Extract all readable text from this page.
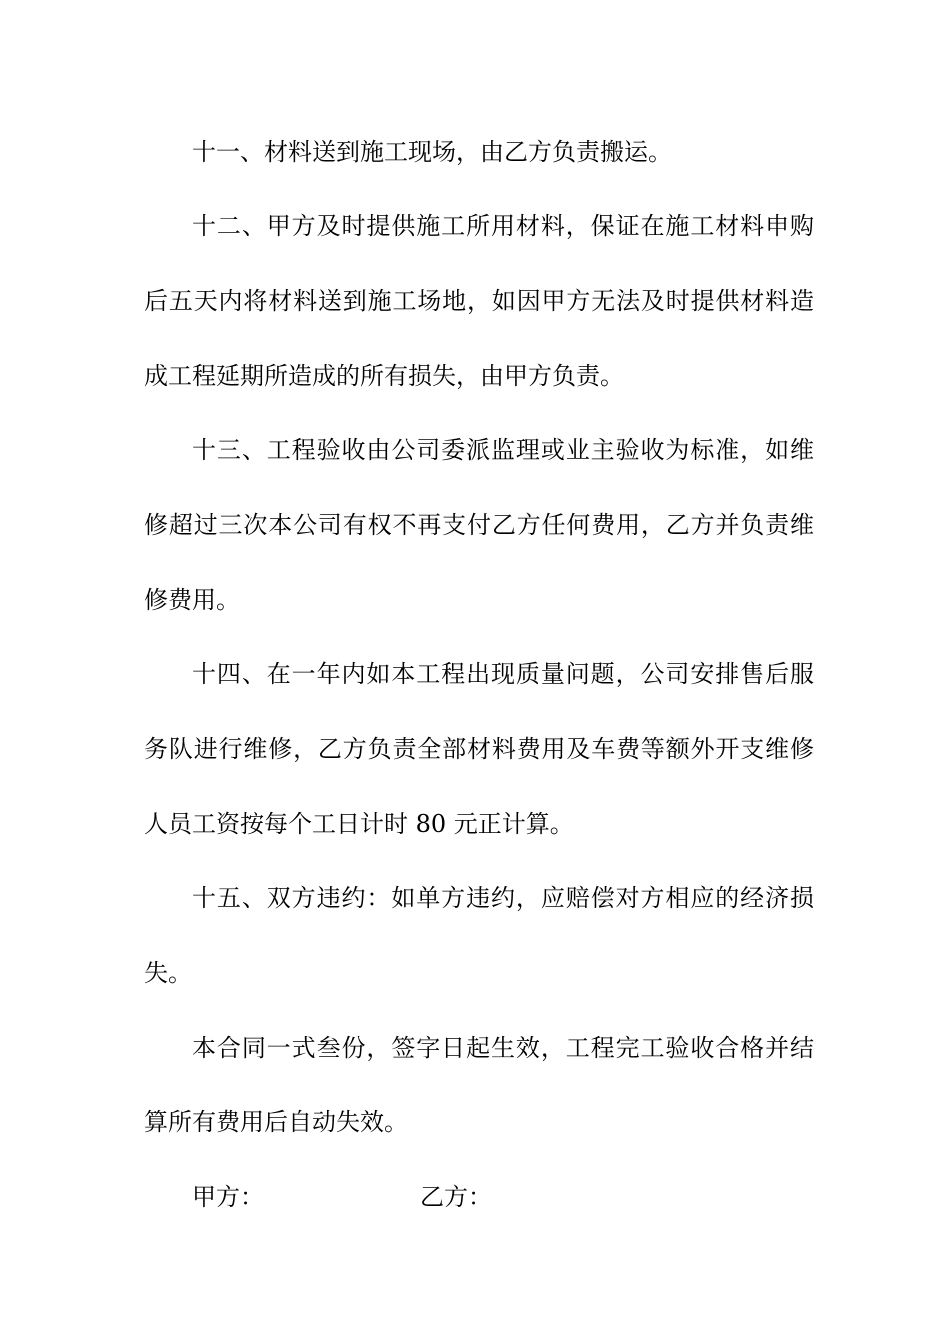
十一、材料送到施工现场，由乙方负责搬运。
十二、甲方及时提供施工所用材料，保证在施工材料申购
后五天内将材料送到施工场地，如因甲方无法及时提供材料造
成工程延期所造成的所有损失，由甲方负责。
十三、工程验收由公司委派监理或业主验收为标准，如维
修超过三次本公司有权不再支付乙方任何费用，乙方并负责维
修费用。
十四、在一年内如本工程出现质量问题，公司安排售后服
务队进行维修，乙方负责全部材料费用及车费等额外开支维修
人员工资按每个工日计时 80 元正计算。
十五、双方违约：如单方违约，应赔偿对方相应的经济损
失。
本合同一式叁份，签字日起生效，工程完工验收合格并结
算所有费用后自动失效。
甲方：	乙方：
